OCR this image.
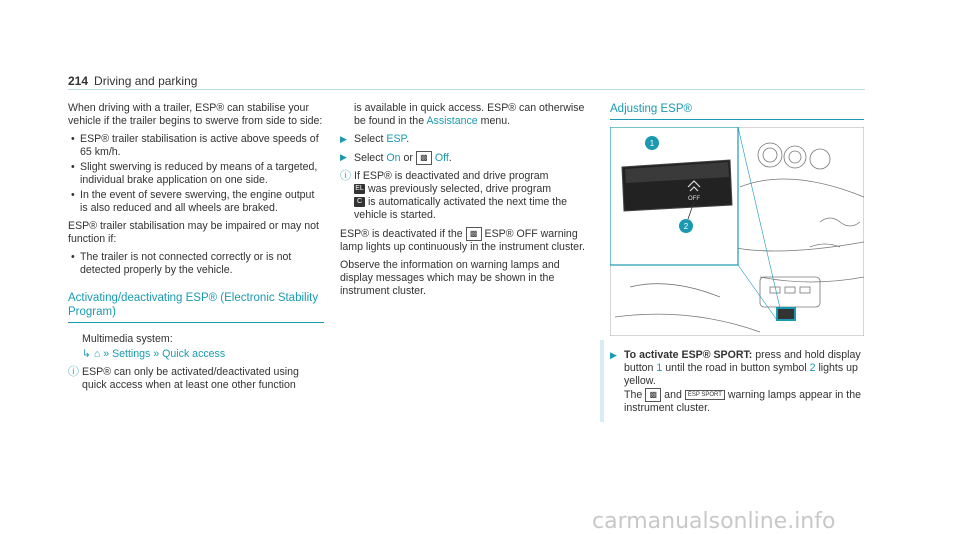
214 Driving and parking

When driving with a trailer, ESP® can stabilise your vehicle if the trailer begins to swerve from side to side:

• ESP® trailer stabilisation is active above speeds of 65 km/h.
• Slight swerving is reduced by means of a targeted, individual brake application on one side.
• In the event of severe swerving, the engine output is also reduced and all wheels are braked.

ESP® trailer stabilisation may be impaired or may not function if:

• The trailer is not connected correctly or is not detected properly by the vehicle.
Activating/deactivating ESP® (Electronic Stability Program)

Multimedia system:

↳ ⌂ » Settings » Quick access

ⓘ ESP® can only be activated/deactivated using quick access when at least one other function

is available in quick access. ESP® can otherwise be found in the Assistance menu.

▶ Select ESP.

▶ Select On or ▩ Off.

ⓘ If ESP® is deactivated and drive program
EL was previously selected, drive program
C is automatically activated the next time the vehicle is started.

ESP® is deactivated if the ▩ ESP® OFF warning lamp lights up continuously in the instrument cluster.

Observe the information on warning lamps and display messages which may be shown in the instrument cluster.

Adjusting ESP®
OFF
1
2

▶ To activate ESP® SPORT: press and hold display button 1 until the road in button symbol 2 lights up yellow.
The ▩ and ESP SPORT warning lamps appear in the instrument cluster.

carmanualsonline.info
